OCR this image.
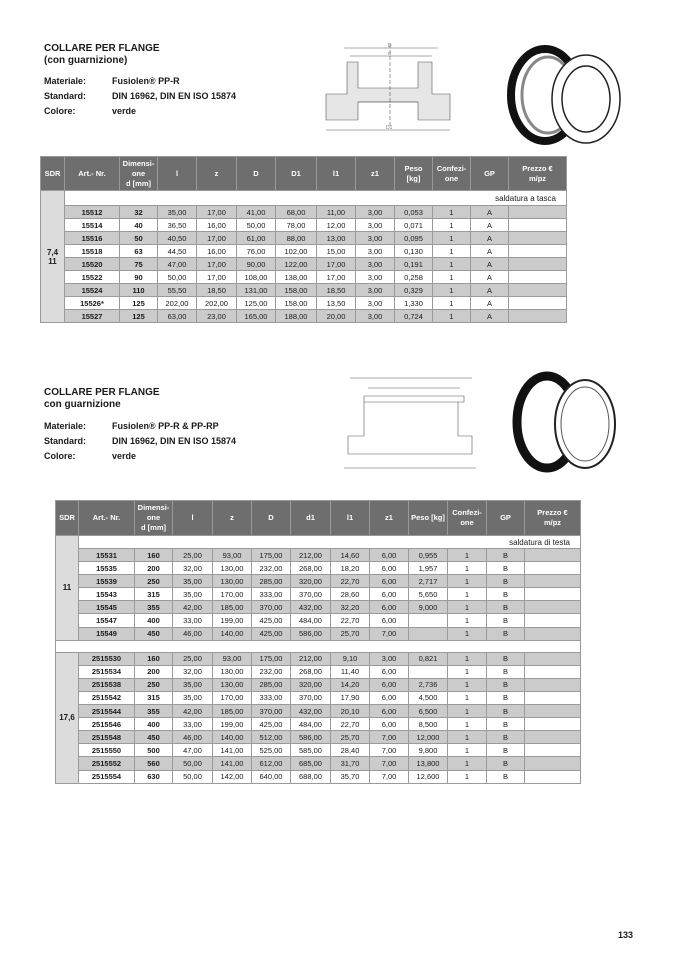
COLLARE PER FLANGE
(con guarnizione)
Materiale:	Fusiolen® PP-R
Standard:	DIN 16962, DIN EN ISO 15874
Colore:	verde
D
d
D1
SDR	Art.- Nr.	Dimensi-
one
d [mm]	l	z	D	D1	l1	z1	Peso
[kg]	Confezi-
one	GP	Prezzo €
m/pz
7,4
11	saldatura a tasca											
	15512	32	35,00	17,00	41,00	68,00	11,00	3,00	0,053	1	A	
	15514	40	36,50	16,00	50,00	78,00	12,00	3,00	0,071	1	A	
	15516	50	40,50	17,00	61,00	88,00	13,00	3,00	0,095	1	A	
	15518	63	44,50	16,00	76,00	102,00	15,00	3,00	0,130	1	A	
	15520	75	47,00	17,00	90,00	122,00	17,00	3,00	0,191	1	A	
	15522	90	50,00	17,00	108,00	138,00	17,00	3,00	0,258	1	A	
	15524	110	55,50	18,50	131,00	158,00	18,50	3,00	0,329	1	A	
	15526*	125	202,00	202,00	125,00	158,00	13,50	3,00	1,330	1	A	
	15527	125	63,00	23,00	165,00	188,00	20,00	3,00	0,724	1	A	
COLLARE PER FLANGE
con guarnizione
Materiale:	Fusiolen® PP-R & PP-RP
Standard:	DIN 16962, DIN EN ISO 15874
Colore:	verde
SDR	Art.- Nr.	Dimensi-
one
d [mm]	l	z	D	d1	l1	z1	Peso [kg]	Confezi-
one	GP	Prezzo €
m/pz
11	saldatura di testa											
	15531	160	25,00	93,00	175,00	212,00	14,60	6,00	0,955	1	B	
	15535	200	32,00	130,00	232,00	268,00	18,20	6,00	1,957	1	B	
	15539	250	35,00	130,00	285,00	320,00	22,70	6,00	2,717	1	B	
	15543	315	35,00	170,00	333,00	370,00	28,60	6,00	5,650	1	B	
	15545	355	42,00	185,00	370,00	432,00	32,20	6,00	9,000	1	B	
	15547	400	33,00	199,00	425,00	484,00	22,70	6,00		1	B	
	15549	450	46,00	140,00	425,00	586,00	25,70	7,00		1	B	

17,6	2515530	160	25,00	93,00	175,00	212,00	9,10	3,00	0,821	1	B	
	2515534	200	32,00	130,00	232,00	268,00	11,40	6,00		1	B	
	2515538	250	35,00	130,00	285,00	320,00	14,20	6,00	2,736	1	B	
	2515542	315	35,00	170,00	333,00	370,00	17,90	6,00	4,500	1	B	
	2515544	355	42,00	185,00	370,00	432,00	20,10	6,00	6,500	1	B	
	2515546	400	33,00	199,00	425,00	484,00	22,70	6,00	8,500	1	B	
	2515548	450	46,00	140,00	512,00	586,00	25,70	7,00	12,000	1	B	
	2515550	500	47,00	141,00	525,00	585,00	28,40	7,00	9,800	1	B	
	2515552	560	50,00	141,00	612,00	685,00	31,70	7,00	13,800	1	B	
	2515554	630	50,00	142,00	640,00	688,00	35,70	7,00	12,600	1	B	
133
